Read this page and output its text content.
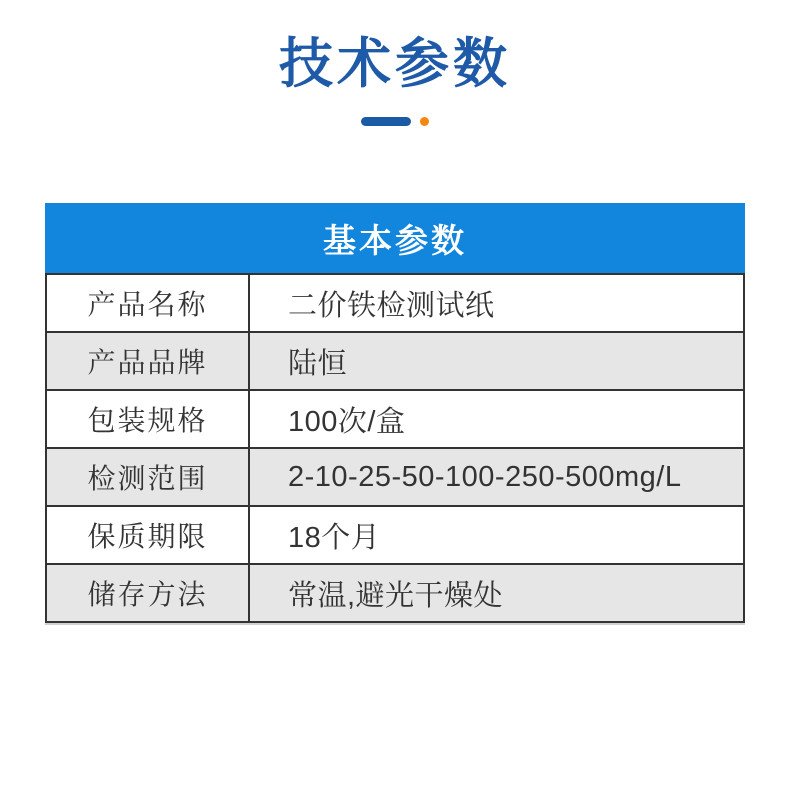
技术参数
基本参数
产品名称	二价铁检测试纸
产品品牌	陆恒
包装规格	100次/盒
检测范围	2-10-25-50-100-250-500mg/L
保质期限	18个月
储存方法	常温,避光干燥处
